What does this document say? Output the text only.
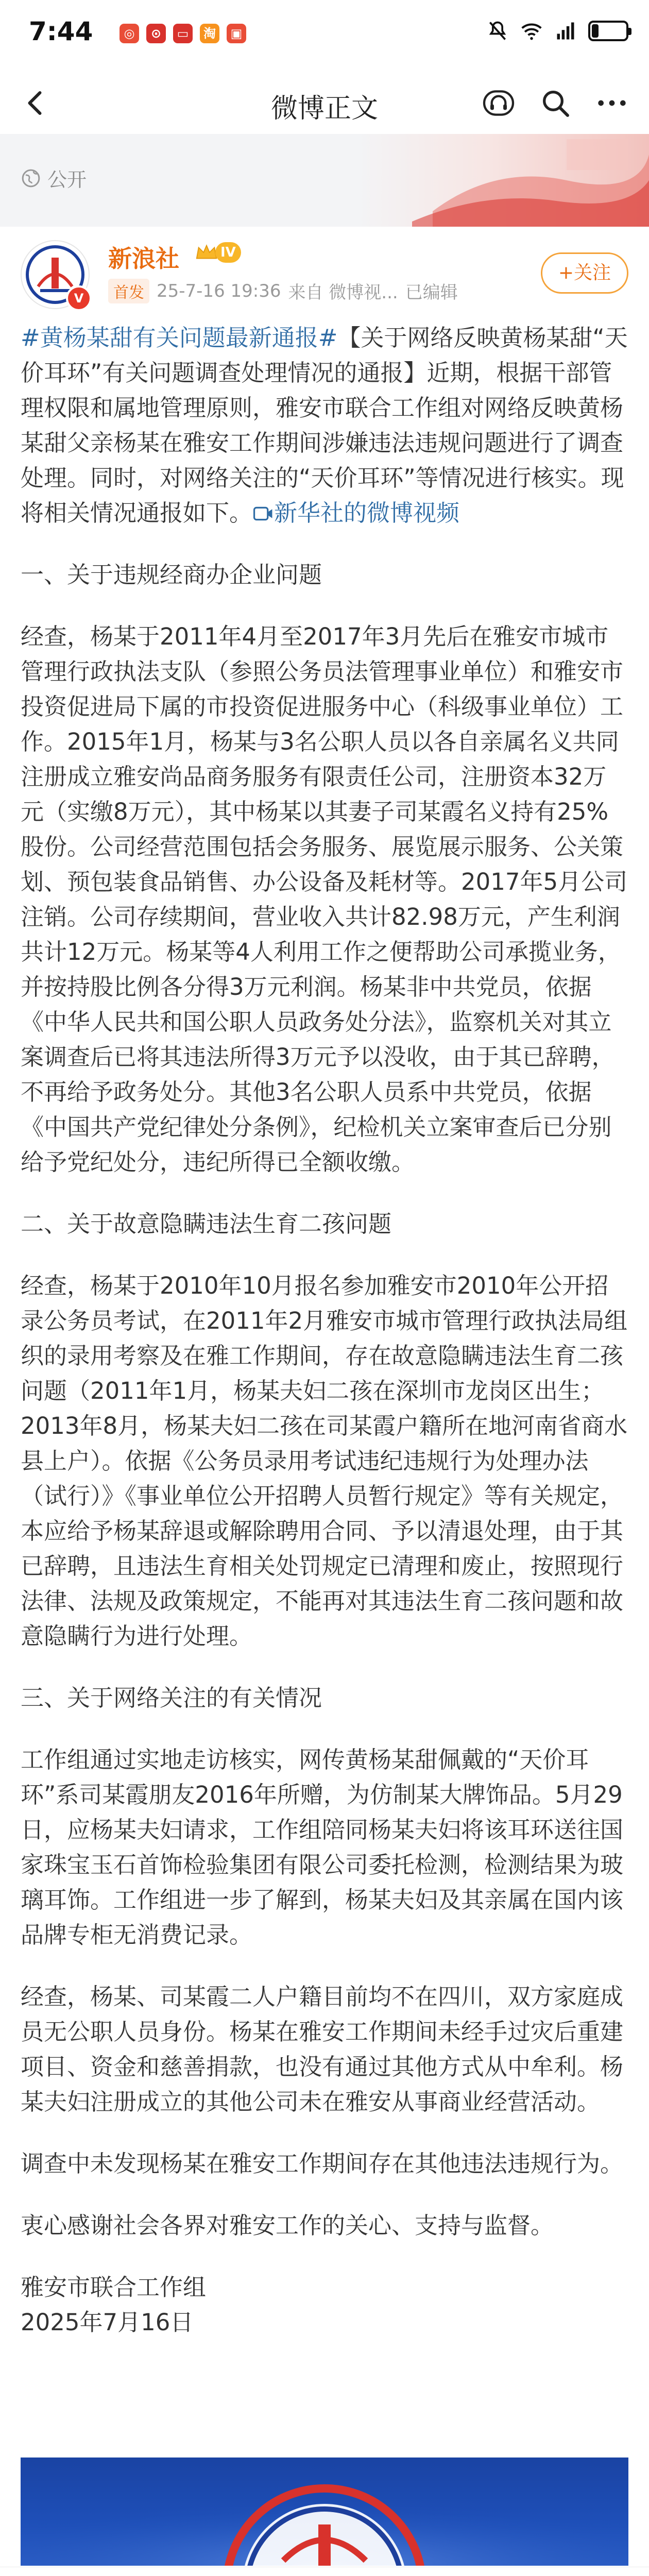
7:44	◎	⊙	▭	淘	▣
微博正文
公开
V
新浪社	IV
首发 25-7-16 19:36 来自 微博视... 已编辑
+关注

#黄杨某甜有关问题最新通报#【关于网络反映黄杨某甜“天价耳环”有关问题调查处理情况的通报】近期，根据干部管理权限和属地管理原则，雅安市联合工作组对网络反映黄杨某甜父亲杨某在雅安工作期间涉嫌违法违规问题进行了调查处理。同时，对网络关注的“天价耳环”等情况进行核实。现将相关情况通报如下。 新华社的微博视频

一、关于违规经商办企业问题

经查，杨某于2011年4月至2017年3月先后在雅安市城市管理行政执法支队（参照公务员法管理事业单位）和雅安市投资促进局下属的市投资促进服务中心（科级事业单位）工作。2015年1月，杨某与3名公职人员以各自亲属名义共同注册成立雅安尚品商务服务有限责任公司，注册资本32万元（实缴8万元），其中杨某以其妻子司某霞名义持有25%股份。公司经营范围包括会务服务、展览展示服务、公关策划、预包装食品销售、办公设备及耗材等。2017年5月公司注销。公司存续期间，营业收入共计82.98万元，产生利润共计12万元。杨某等4人利用工作之便帮助公司承揽业务，并按持股比例各分得3万元利润。杨某非中共党员，依据《中华人民共和国公职人员政务处分法》，监察机关对其立案调查后已将其违法所得3万元予以没收，由于其已辞聘，不再给予政务处分。其他3名公职人员系中共党员，依据《中国共产党纪律处分条例》，纪检机关立案审查后已分别给予党纪处分，违纪所得已全额收缴。

二、关于故意隐瞒违法生育二孩问题

经查，杨某于2010年10月报名参加雅安市2010年公开招录公务员考试，在2011年2月雅安市城市管理行政执法局组织的录用考察及在雅工作期间，存在故意隐瞒违法生育二孩问题（2011年1月，杨某夫妇二孩在深圳市龙岗区出生；2013年8月，杨某夫妇二孩在司某霞户籍所在地河南省商水县上户）。依据《公务员录用考试违纪违规行为处理办法（试行）》《事业单位公开招聘人员暂行规定》等有关规定，本应给予杨某辞退或解除聘用合同、予以清退处理，由于其已辞聘，且违法生育相关处罚规定已清理和废止，按照现行法律、法规及政策规定，不能再对其违法生育二孩问题和故意隐瞒行为进行处理。

三、关于网络关注的有关情况

工作组通过实地走访核实，网传黄杨某甜佩戴的“天价耳环”系司某霞朋友2016年所赠，为仿制某大牌饰品。5月29日，应杨某夫妇请求，工作组陪同杨某夫妇将该耳环送往国家珠宝玉石首饰检验集团有限公司委托检测，检测结果为玻璃耳饰。工作组进一步了解到，杨某夫妇及其亲属在国内该品牌专柜无消费记录。

经查，杨某、司某霞二人户籍目前均不在四川，双方家庭成员无公职人员身份。杨某在雅安工作期间未经手过灾后重建项目、资金和慈善捐款，也没有通过其他方式从中牟利。杨某夫妇注册成立的其他公司未在雅安从事商业经营活动。

调查中未发现杨某在雅安工作期间存在其他违法违规行为。

衷心感谢社会各界对雅安工作的关心、支持与监督。

雅安市联合工作组
2025年7月16日
